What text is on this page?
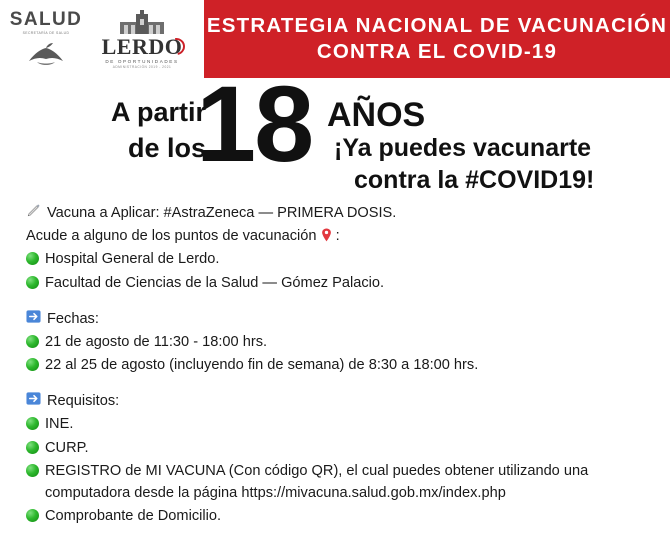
SALUD
SECRETARÍA DE SALUD
LERDO
DE OPORTUNIDADES
ADMINISTRACIÓN 2019 - 2021
ESTRATEGIA NACIONAL DE VACUNACIÓN
CONTRA EL COVID-19
A partir
de los
18 AÑOS
¡Ya puedes vacunarte
contra la #COVID19!
Vacuna a Aplicar: #AstraZeneca — PRIMERA DOSIS.
Acude a alguno de los puntos de vacunación :
Hospital General de Lerdo.
Facultad de Ciencias de la Salud — Gómez Palacio.
Fechas:
21 de agosto de 11:30 - 18:00 hrs.
22 al 25 de agosto (incluyendo fin de semana) de 8:30 a 18:00 hrs.
Requisitos:
INE.
CURP.
REGISTRO de MI VACUNA (Con código QR), el cual puedes obtener utilizando una computadora desde la página https://mivacuna.salud.gob.mx/index.php
Comprobante de Domicilio.
